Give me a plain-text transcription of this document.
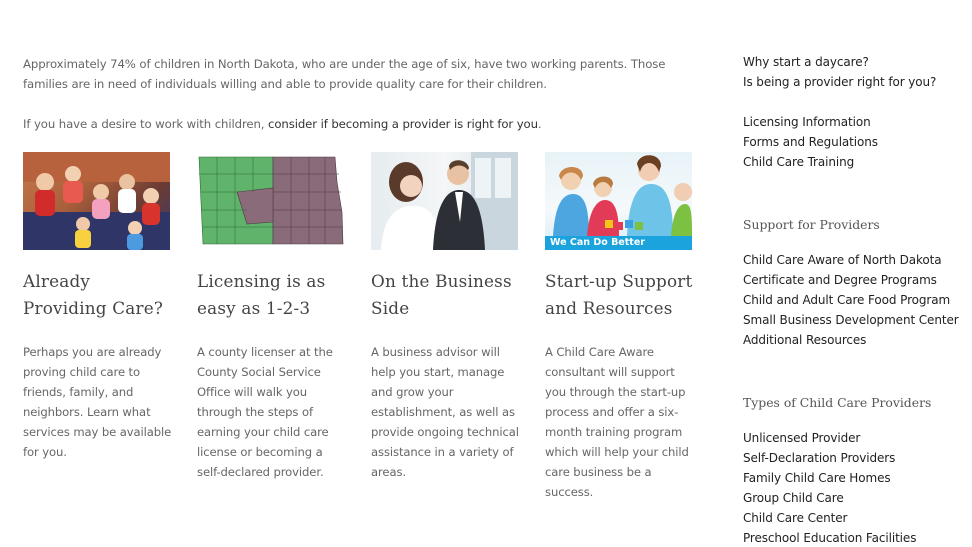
Approximately 74% of children in North Dakota, who are under the age of six, have two working parents. Those families are in need of individuals willing and able to provide quality care for their children.

If you have a desire to work with children, consider if becoming a provider is right for you.

Already Providing Care?

Perhaps you are already proving child care to friends, family, and neighbors. Learn what services may be available for you.

Licensing is as easy as 1-2-3

A county licenser at the County Social Service Office will walk you through the steps of earning your child care license or becoming a self-declared provider.

On the Business Side

A business advisor will help you start, manage and grow your establishment, as well as provide ongoing technical assistance in a variety of areas.

We Can Do Better
Start-up Support and Resources

A Child Care Aware consultant will support you through the start-up process and offer a six-month training program which will help your child care business be a success.

Why start a daycare?
Is being a provider right for you?
Licensing Information
Forms and Regulations
Child Care Training
Support for Providers
Child Care Aware of North Dakota
Certificate and Degree Programs
Child and Adult Care Food Program
Small Business Development Center
Additional Resources
Types of Child Care Providers
Unlicensed Provider
Self-Declaration Providers
Family Child Care Homes
Group Child Care
Child Care Center
Preschool Education Facilities
